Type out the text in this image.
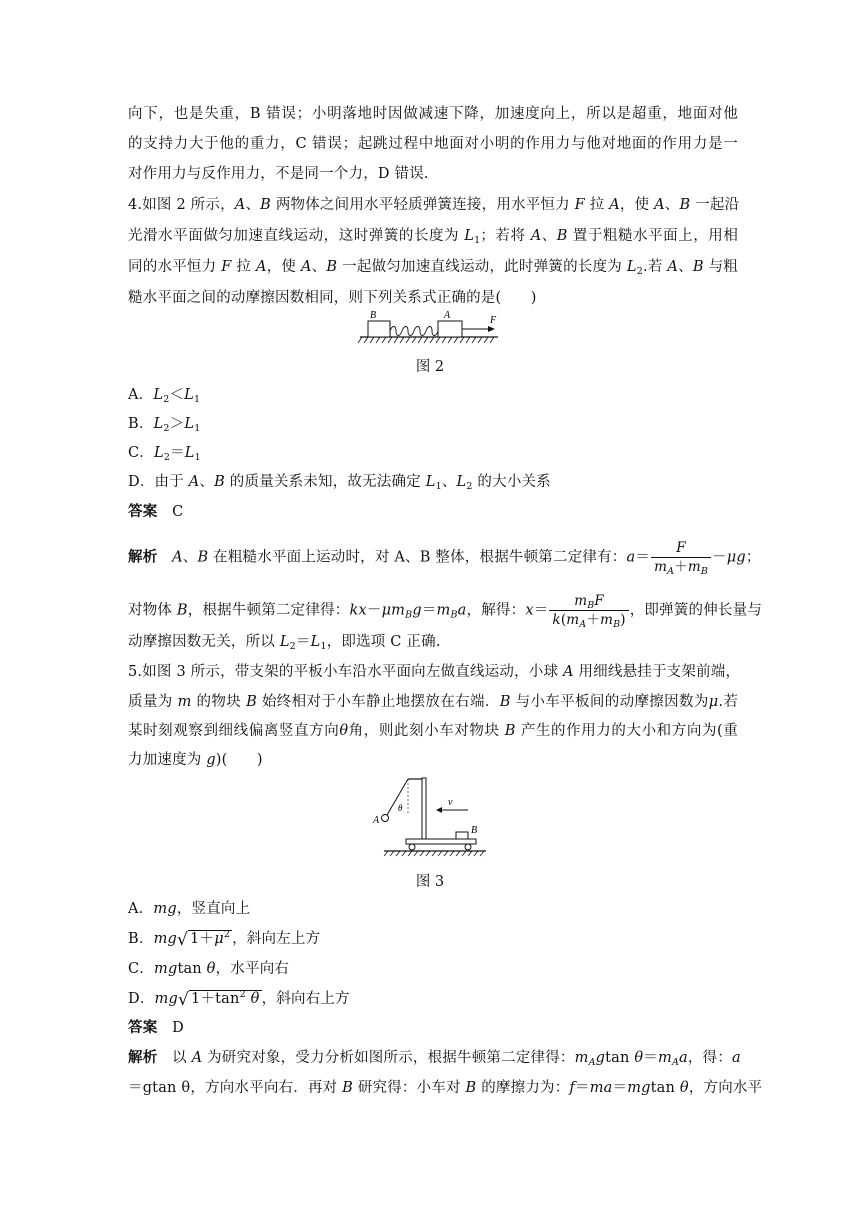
向下，也是失重，B 错误；小明落地时因做减速下降，加速度向上，所以是超重，地面对他
的支持力大于他的重力，C 错误；起跳过程中地面对小明的作用力与他对地面的作用力是一
对作用力与反作用力，不是同一个力，D 错误.
4.如图 2 所示，A、B 两物体之间用水平轻质弹簧连接，用水平恒力 F 拉 A，使 A、B 一起沿
光滑水平面做匀加速直线运动，这时弹簧的长度为 $L_1$；若将 A、B 置于粗糙水平面上，用相
同的水平恒力 F 拉 A，使 A、B 一起做匀加速直线运动，此时弹簧的长度为 $L_2$.若 A、B 与粗
糙水平面之间的动摩擦因数相同，则下列关系式正确的是(　　)
B	A	F
图 2
A．$L_2<L_1$
B．$L_2>L_1$
C．$L_2=L_1$
D．由于 A、B 的质量关系未知，故无法确定 $L_1$、$L_2$ 的大小关系
答案　 C
解析　 A、B 在粗糙水平面上运动时，对 A、B 整体，根据牛顿第二定律有：$a= \frac{F}{m_A+m_B} -\mu g$；
对物体 B，根据牛顿第二定律得：$kx-\mu m_Bg=m_Ba$，解得：$x= \frac{m_BF}{k(m_A+m_B)}$ ，即弹簧的伸长量与
动摩擦因数无关，所以 $L_2=L_1$，即选项 C 正确.
5.如图 3 所示，带支架的平板小车沿水平面向左做直线运动，小球 A 用细线悬挂于支架前端，
质量为 m 的物块 B 始终相对于小车静止地摆放在右端．B 与小车平板间的动摩擦因数为μ.若
某时刻观察到细线偏离竖直方向θ角，则此刻小车对物块 B 产生的作用力的大小和方向为(重
力加速度为 g)(　　)
θ
A
B
v
图 3
A．mg，竖直向上
B．mg√ $1+\mu^2$ ，斜向左上方
C．mgtan θ，水平向右
D．mg√ $1+\tan^2$ θ ，斜向右上方
答案　 D
解析　 以 A 为研究对象，受力分析如图所示，根据牛顿第二定律得：$m_Agtan$ $\theta=m_Aa$，得：a
＝gtan θ，方向水平向右．再对 B 研究得：小车对 B 的摩擦力为：f＝ma＝mgtan θ，方向水平
